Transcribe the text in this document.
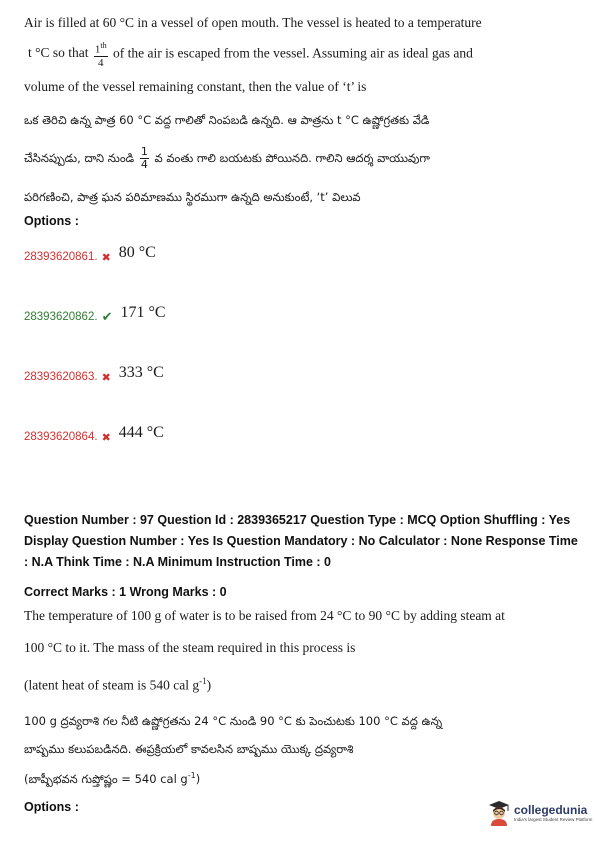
Air is filled at 60 °C in a vessel of open mouth. The vessel is heated to a temperature
t °C so that $\frac{1^{th}}{4}$ of the air is escaped from the vessel. Assuming air as ideal gas and
volume of the vessel remaining constant, then the value of ‘t’ is
ఒక తెరిచి ఉన్న పాత్ర 60 °C వద్ద గాలితో నింపబడి ఉన్నది. ఆ పాత్రను t °C ఉష్ణోగ్రతకు వేడి
చేసినప్పుడు, దాని నుండి $\frac{1}{4}$ వ వంతు గాలి బయటకు పోయినది. గాలిని ఆదర్శ వాయువుగా
పరిగణించి, పాత్ర ఘన పరిమాణము స్థిరముగా ఉన్నది అనుకుంటే, ‘t’ విలువ
Options :
28393620861. ✖ 80 °C
28393620862. ✔ 171 °C
28393620863. ✖ 333 °C
28393620864. ✖ 444 °C
Question Number : 97 Question Id : 2839365217 Question Type : MCQ Option Shuffling : Yes
Display Question Number : Yes Is Question Mandatory : No Calculator : None Response Time
: N.A Think Time : N.A Minimum Instruction Time : 0
Correct Marks : 1 Wrong Marks : 0
The temperature of 100 g of water is to be raised from 24 °C to 90 °C by adding steam at
100 °C to it. The mass of the steam required in this process is
(latent heat of steam is 540 cal $g^{-1}$)
100 g ద్రవ్యరాశి గల నీటి ఉష్ణోగ్రతను 24 °C నుండి 90 °C కు పెంచుటకు 100 °C వద్ద ఉన్న
బాష్పము కలుపబడినది. ఈప్రక్రియలో కావలసిన బాష్పము యొక్క ద్రవ్యరాశి
(బాష్పీభవన గుప్తోష్ణం = 540 cal $g^{-1}$)
Options :	collegedunia
India's largest Student Review Platform
